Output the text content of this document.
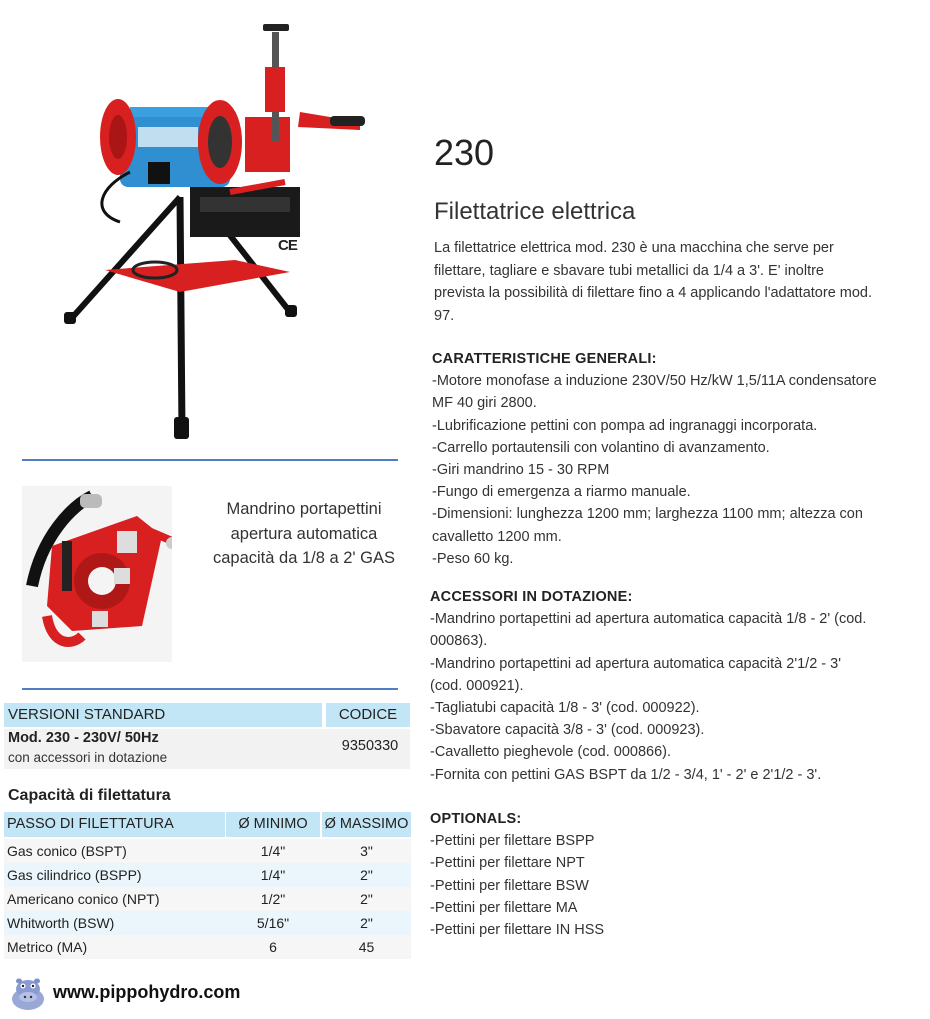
CE
230
Filettatrice elettrica
La filettatrice elettrica mod. 230 è una macchina che serve per filettare, tagliare e sbavare tubi metallici da 1/4 a 3'. E' inoltre prevista la possibilità di filettare fino a 4 applicando l'adattatore mod. 97.
CARATTERISTICHE GENERALI:
-Motore monofase a induzione 230V/50 Hz/kW 1,5/11A condensatore MF 40 giri 2800.
-Lubrificazione pettini con pompa ad ingranaggi incorporata.
-Carrello portautensili con volantino di avanzamento.
-Giri mandrino 15 - 30 RPM
-Fungo di emergenza a riarmo manuale.
-Dimensioni: lunghezza 1200 mm; larghezza 1100 mm; altezza con cavalletto 1200 mm.
-Peso 60 kg.
ACCESSORI IN DOTAZIONE:
-Mandrino portapettini ad apertura automatica capacità 1/8 - 2' (cod. 000863).
-Mandrino portapettini ad apertura automatica capacità 2'1/2 - 3' (cod. 000921).
-Tagliatubi capacità 1/8 - 3' (cod. 000922).
-Sbavatore capacità 3/8 - 3' (cod. 000923).
-Cavalletto pieghevole (cod. 000866).
-Fornita con pettini GAS BSPT da 1/2 - 3/4, 1' - 2' e 2'1/2 - 3'.
OPTIONALS:
-Pettini per filettare BSPP
-Pettini per filettare NPT
-Pettini per filettare BSW
-Pettini per filettare MA
-Pettini per filettare IN HSS
Mandrino portapettini apertura automatica capacità da 1/8 a 2' GAS
VERSIONI STANDARD	CODICE
Mod. 230 - 230V/ 50Hz
con accessori in dotazione
9350330
Capacità di filettatura
PASSO DI FILETTATURA	Ø MINIMO	Ø MASSIMO
Gas conico (BSPT)	1/4"	3"
Gas cilindrico (BSPP)	1/4"	2"
Americano conico (NPT)	1/2"	2"
Whitworth (BSW)	5/16"	2"
Metrico (MA)	6	45
www.pippohydro.com
